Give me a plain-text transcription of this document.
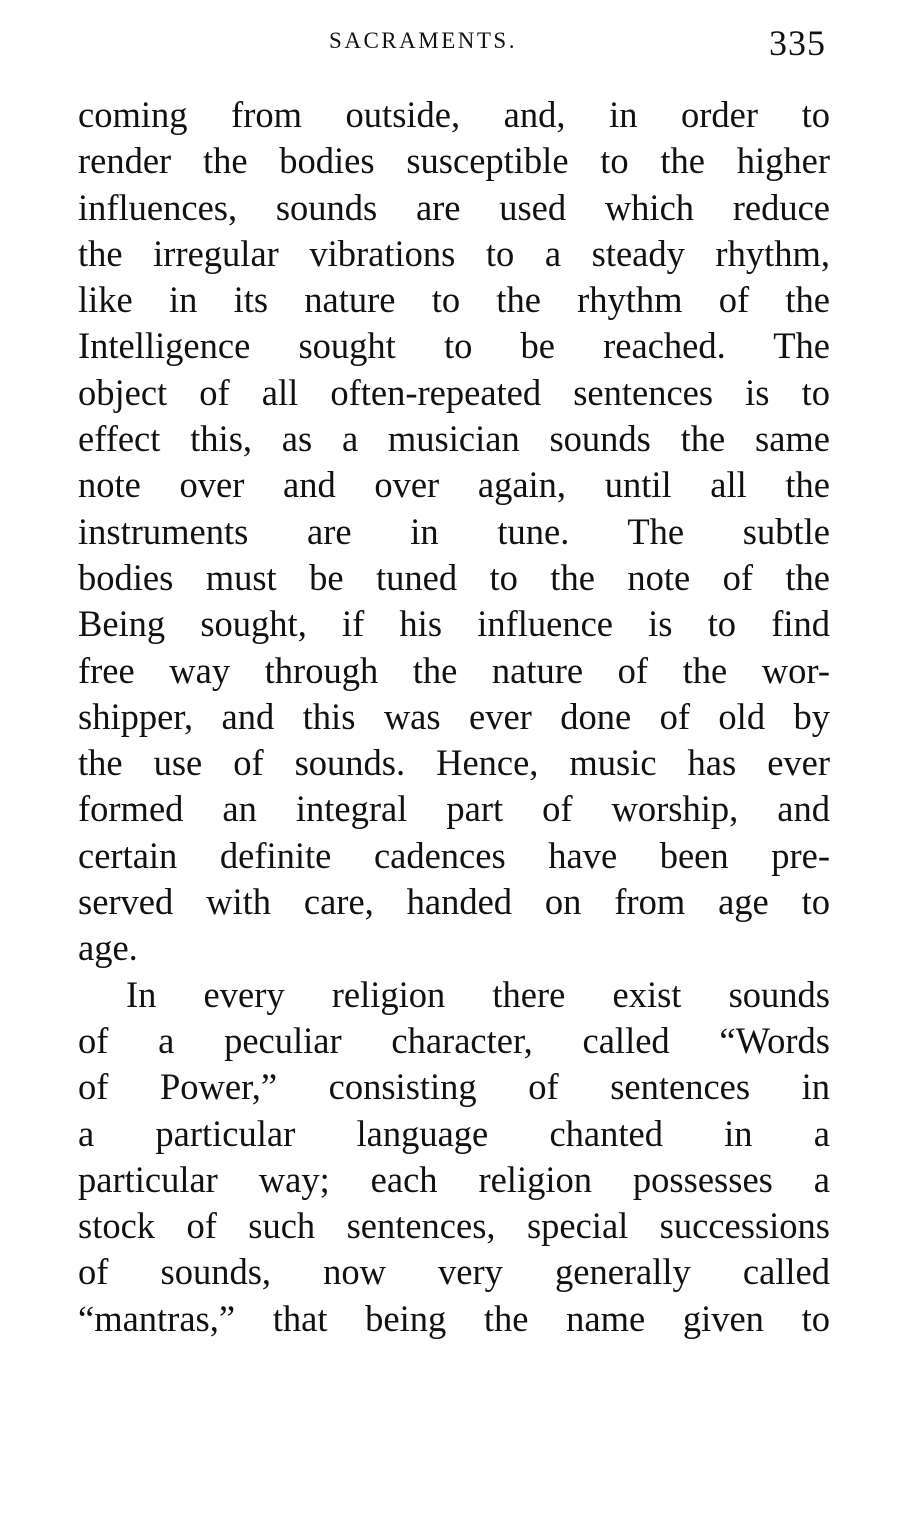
SACRAMENTS.	335
coming from outside, and, in order to
render the bodies susceptible to the higher
influences, sounds are used which reduce
the irregular vibrations to a steady rhythm,
like in its nature to the rhythm of the
Intelligence sought to be reached. The
object of all often-repeated sentences is to
effect this, as a musician sounds the same
note over and over again, until all the
instruments are in tune. The subtle
bodies must be tuned to the note of the
Being sought, if his influence is to find
free way through the nature of the wor-
shipper, and this was ever done of old by
the use of sounds. Hence, music has ever
formed an integral part of worship, and
certain definite cadences have been pre-
served with care, handed on from age to
age.
In every religion there exist sounds
of a peculiar character, called “Words
of Power,” consisting of sentences in
a particular language chanted in a
particular way; each religion possesses a
stock of such sentences, special successions
of sounds, now very generally called
“mantras,” that being the name given to
